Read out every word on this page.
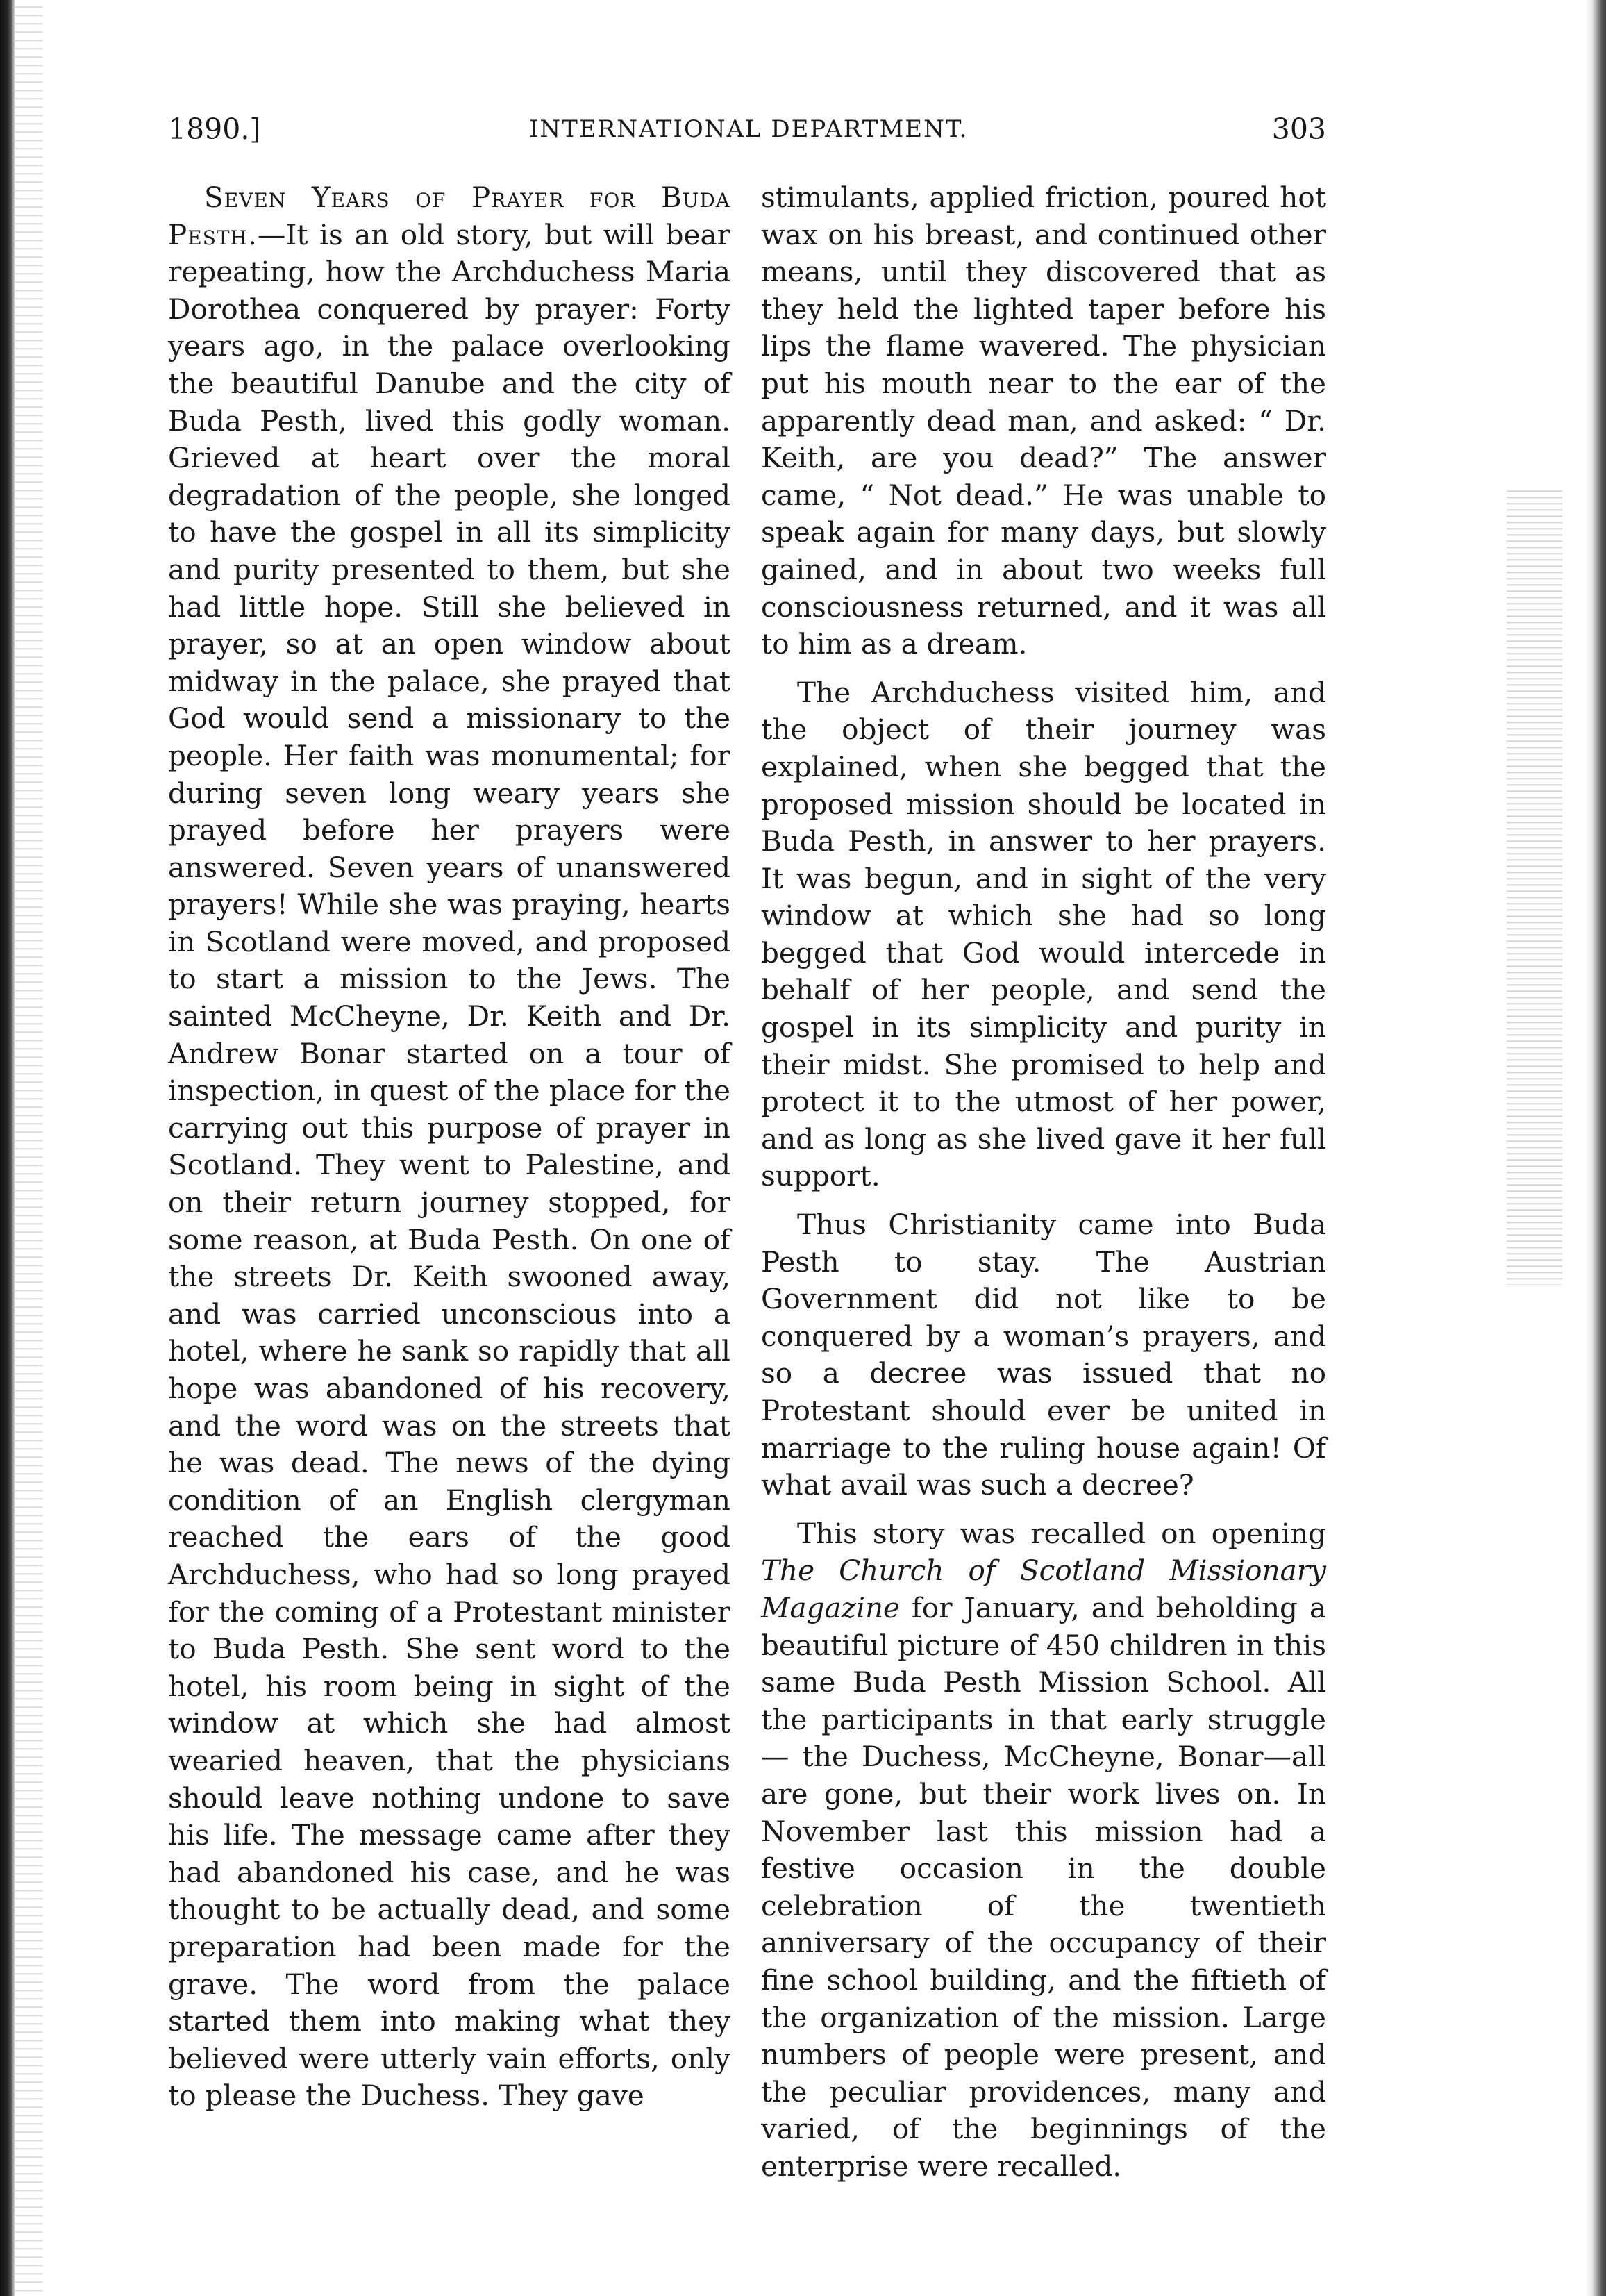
1890.]	INTERNATIONAL DEPARTMENT.	303

Seven Years of Prayer for Buda Pesth.—It is an old story, but will bear repeating, how the Archduchess Maria Dorothea conquered by prayer: Forty years ago, in the palace overlooking the beautiful Danube and the city of Buda Pesth, lived this godly woman. Grieved at heart over the moral degradation of the people, she longed to have the gospel in all its simplicity and purity presented to them, but she had little hope. Still she believed in prayer, so at an open window about midway in the palace, she prayed that God would send a missionary to the people. Her faith was monumental; for during seven long weary years she prayed before her prayers were answered. Seven years of unanswered prayers! While she was praying, hearts in Scotland were moved, and proposed to start a mission to the Jews. The sainted McCheyne, Dr. Keith and Dr. Andrew Bonar started on a tour of inspection, in quest of the place for the carrying out this purpose of prayer in Scotland. They went to Palestine, and on their return journey stopped, for some reason, at Buda Pesth. On one of the streets Dr. Keith swooned away, and was carried unconscious into a hotel, where he sank so rapidly that all hope was abandoned of his recovery, and the word was on the streets that he was dead. The news of the dying condition of an English clergyman reached the ears of the good Archduchess, who had so long prayed for the coming of a Protestant minister to Buda Pesth. She sent word to the hotel, his room being in sight of the window at which she had almost wearied heaven, that the physicians should leave nothing undone to save his life. The message came after they had abandoned his case, and he was thought to be actually dead, and some preparation had been made for the grave. The word from the palace started them into making what they believed were utterly vain efforts, only to please the Duchess. They gave

stimulants, applied friction, poured hot wax on his breast, and continued other means, until they discovered that as they held the lighted taper before his lips the flame wavered. The physician put his mouth near to the ear of the apparently dead man, and asked: “ Dr. Keith, are you dead?” The answer came, “ Not dead.” He was unable to speak again for many days, but slowly gained, and in about two weeks full consciousness returned, and it was all to him as a dream.

The Archduchess visited him, and the object of their journey was explained, when she begged that the proposed mission should be located in Buda Pesth, in answer to her prayers. It was begun, and in sight of the very window at which she had so long begged that God would intercede in behalf of her people, and send the gospel in its simplicity and purity in their midst. She promised to help and protect it to the utmost of her power, and as long as she lived gave it her full support.

Thus Christianity came into Buda Pesth to stay. The Austrian Government did not like to be conquered by a woman’s prayers, and so a decree was issued that no Protestant should ever be united in marriage to the ruling house again! Of what avail was such a decree?

This story was recalled on opening The Church of Scotland Missionary Magazine for January, and beholding a beautiful picture of 450 children in this same Buda Pesth Mission School. All the participants in that early struggle — the Duchess, McCheyne, Bonar—all are gone, but their work lives on. In November last this mission had a festive occasion in the double celebration of the twentieth anniversary of the occupancy of their fine school building, and the fiftieth of the organization of the mission. Large numbers of people were present, and the peculiar providences, many and varied, of the beginnings of the enterprise were recalled.
